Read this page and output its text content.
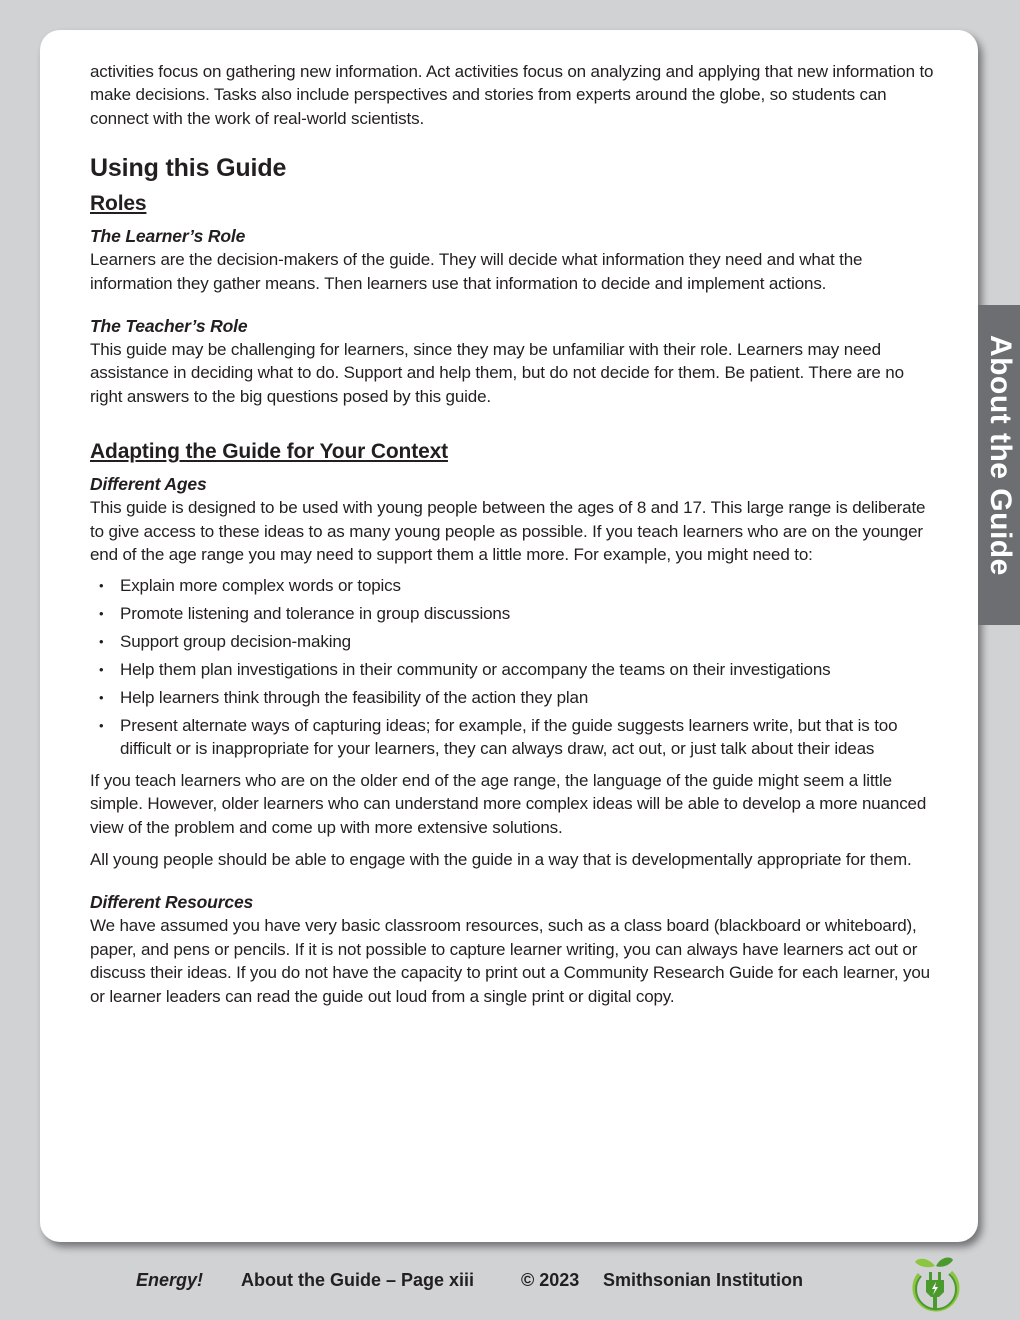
activities focus on gathering new information. Act activities focus on analyzing and applying that new information to make decisions. Tasks also include perspectives and stories from experts around the globe, so students can connect with the work of real-world scientists.

Using this Guide
Roles
The Learner’s Role

Learners are the decision-makers of the guide. They will decide what information they need and what the information they gather means. Then learners use that information to decide and implement actions.

The Teacher’s Role

This guide may be challenging for learners, since they may be unfamiliar with their role. Learners may need assistance in deciding what to do. Support and help them, but do not decide for them. Be patient. There are no right answers to the big questions posed by this guide.

Adapting the Guide for Your Context
Different Ages

This guide is designed to be used with young people between the ages of 8 and 17. This large range is deliberate to give access to these ideas to as many young people as possible. If you teach learners who are on the younger end of the age range you may need to support them a little more. For example, you might need to:

• Explain more complex words or topics
• Promote listening and tolerance in group discussions
• Support group decision-making
• Help them plan investigations in their community or accompany the teams on their investigations
• Help learners think through the feasibility of the action they plan
• Present alternate ways of capturing ideas; for example, if the guide suggests learners write, but that is too difficult or is inappropriate for your learners, they can always draw, act out, or just talk about their ideas

If you teach learners who are on the older end of the age range, the language of the guide might seem a little simple. However, older learners who can understand more complex ideas will be able to develop a more nuanced view of the problem and come up with more extensive solutions.

All young people should be able to engage with the guide in a way that is developmentally appropriate for them.

Different Resources

We have assumed you have very basic classroom resources, such as a class board (blackboard or whiteboard), paper, and pens or pencils. If it is not possible to capture learner writing, you can always have learners act out or discuss their ideas. If you do not have the capacity to print out a Community Research Guide for each learner, you or learner leaders can read the guide out loud from a single print or digital copy.

About the Guide
Energy! About the Guide – Page xiii	© 2023 Smithsonian Institution
